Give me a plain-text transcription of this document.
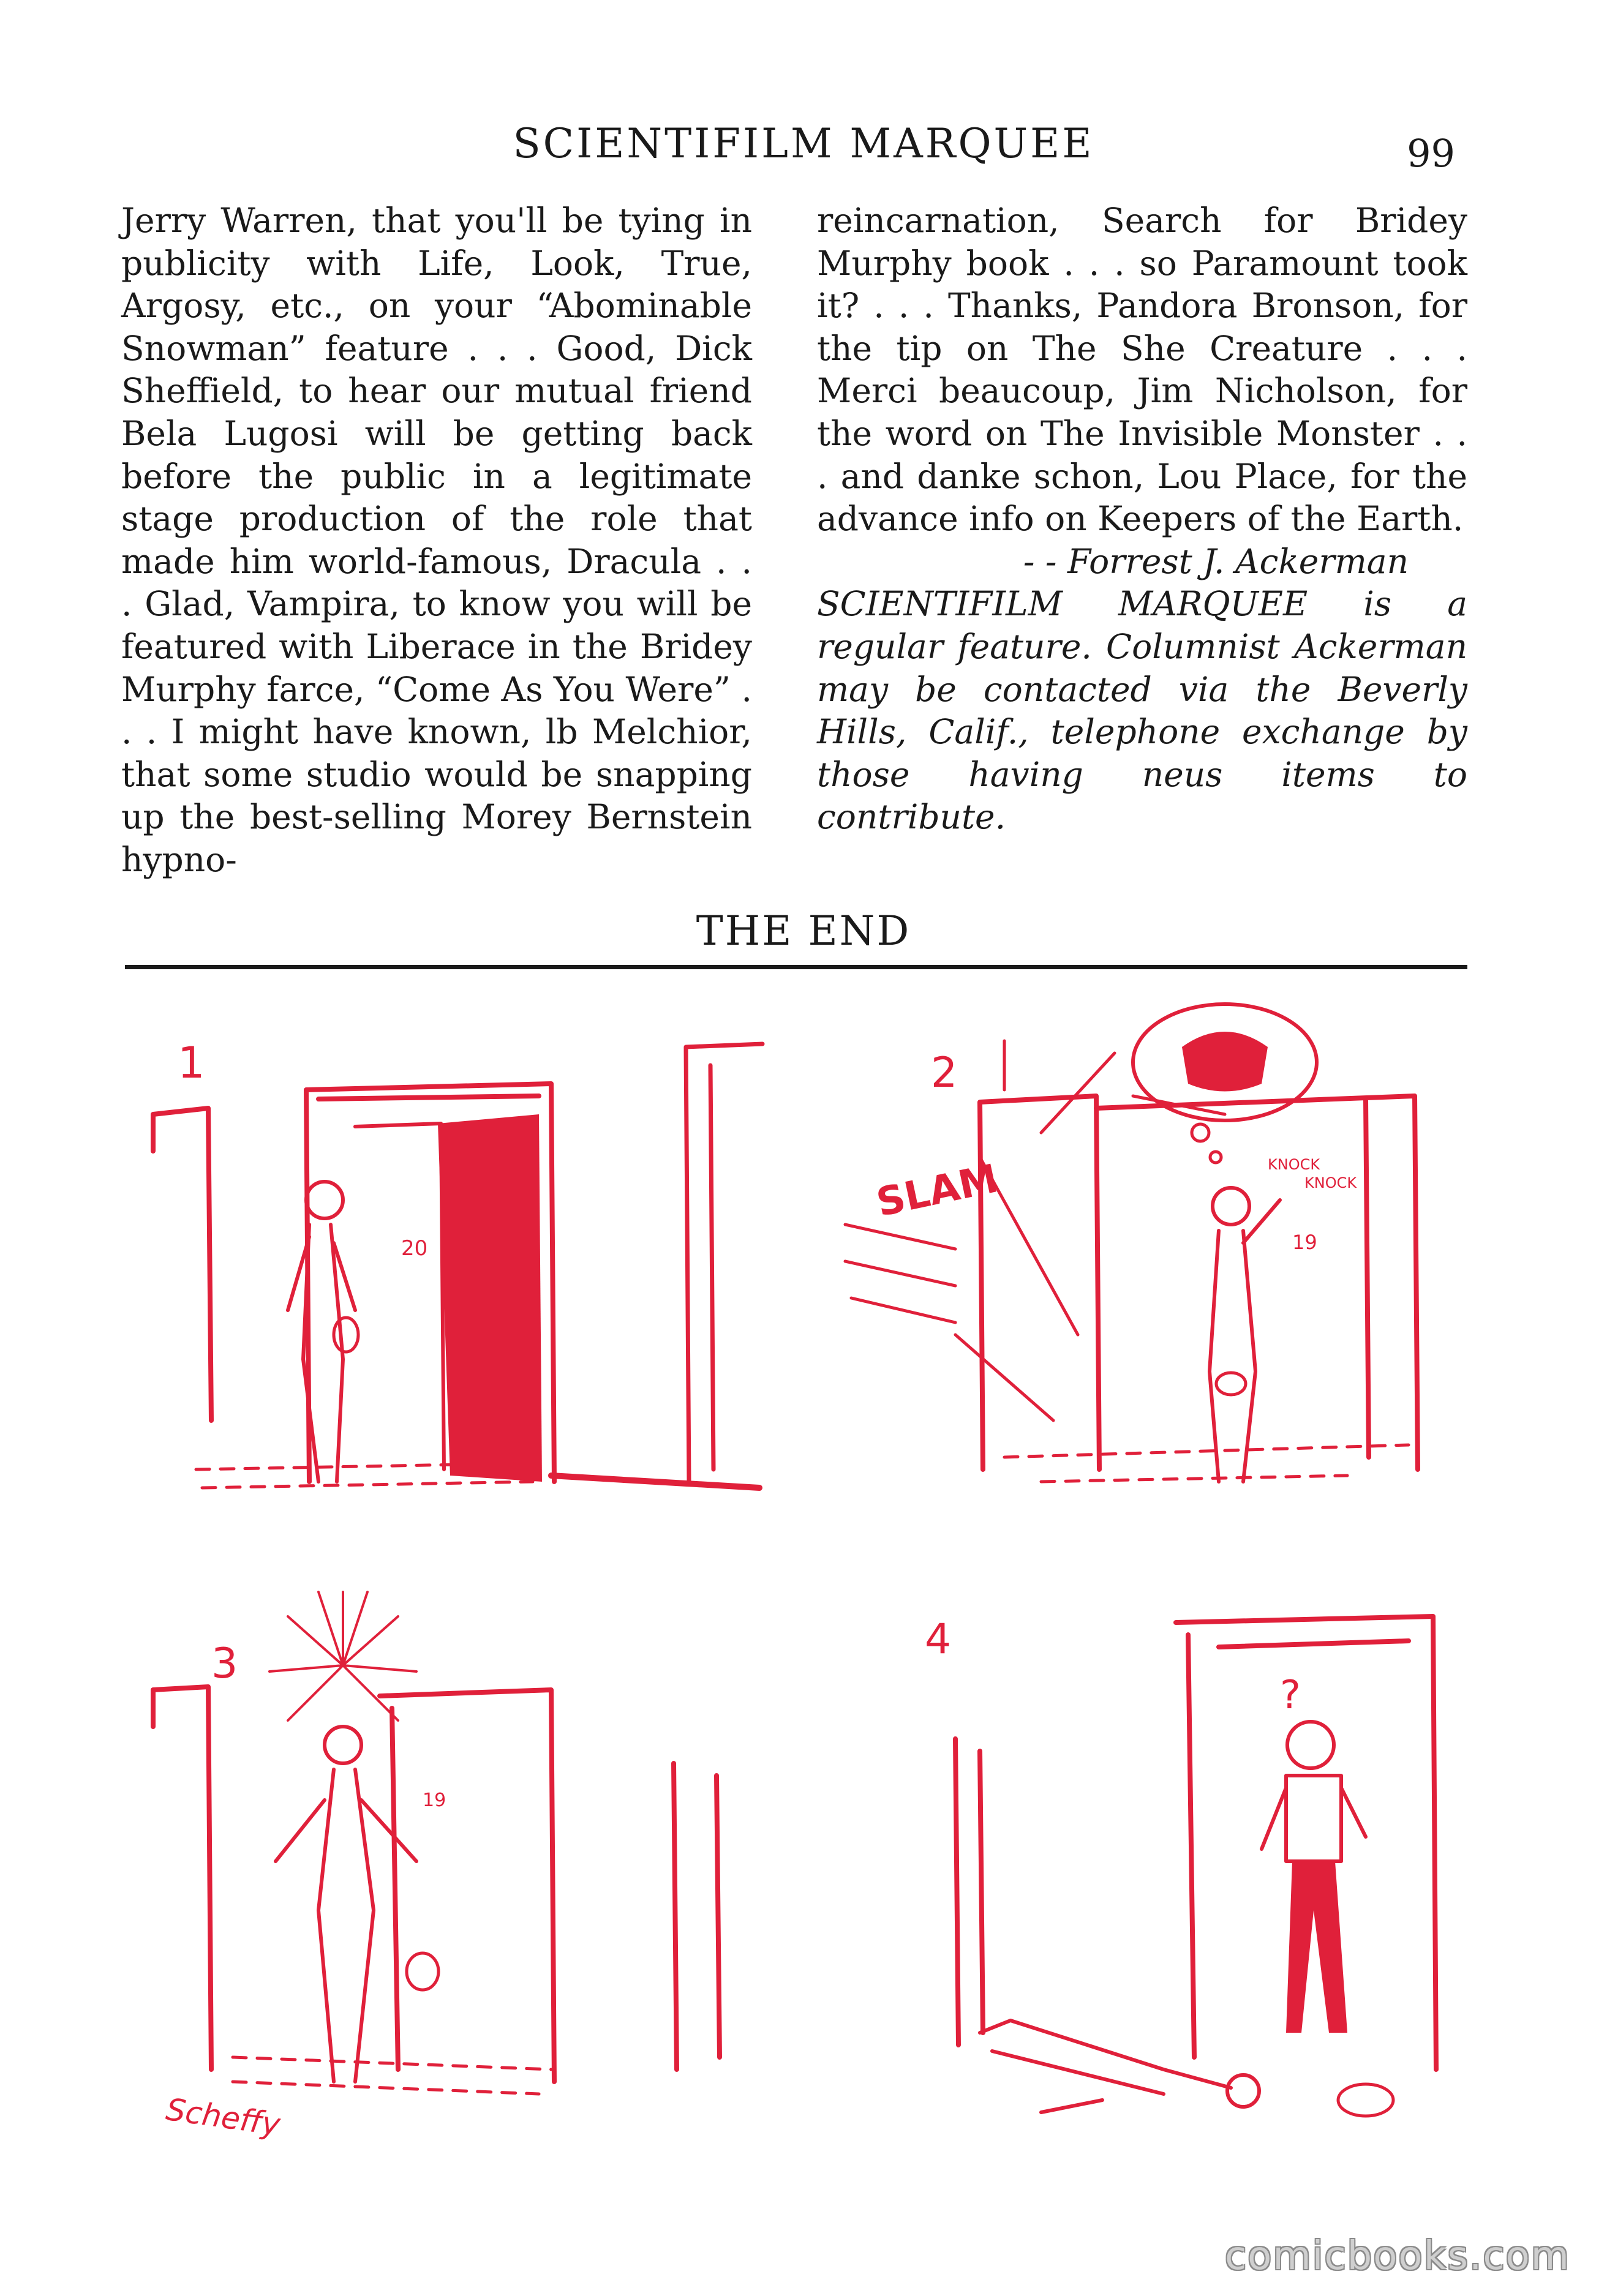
SCIENTIFILM MARQUEE	99

Jerry Warren, that you'll be tying in publicity with Life, Look, True, Argosy, etc., on your “Abominable Snowman” feature . . . Good, Dick Sheffield, to hear our mutual friend Bela Lugosi will be getting back before the public in a legitimate stage production of the role that made him world-famous, Dracula . . . Glad, Vampira, to know you will be featured with Liberace in the Bridey Murphy farce, “Come As You Were” . . . I might have known, lb Melchior, that some studio would be snapping up the best-selling Morey Bernstein hypno-

reincarnation, Search for Bridey Murphy book . . . so Paramount took it? . . . Thanks, Pandora Bronson, for the tip on The She Creature . . . Merci beaucoup, Jim Nicholson, for the word on The Invisible Monster . . . and danke schon, Lou Place, for the advance info on Keepers of the Earth.

- - Forrest J. Ackerman

SCIENTIFILM MARQUEE is a regular feature. Columnist Ackerman may be contacted via the Beverly Hills, Calif., telephone exchange by those having neus items to contribute.

THE END
1
20
2
SLAM	KNOCK
KNOCK
19
3
19
Scheffy
4
?
comicbooks.com
